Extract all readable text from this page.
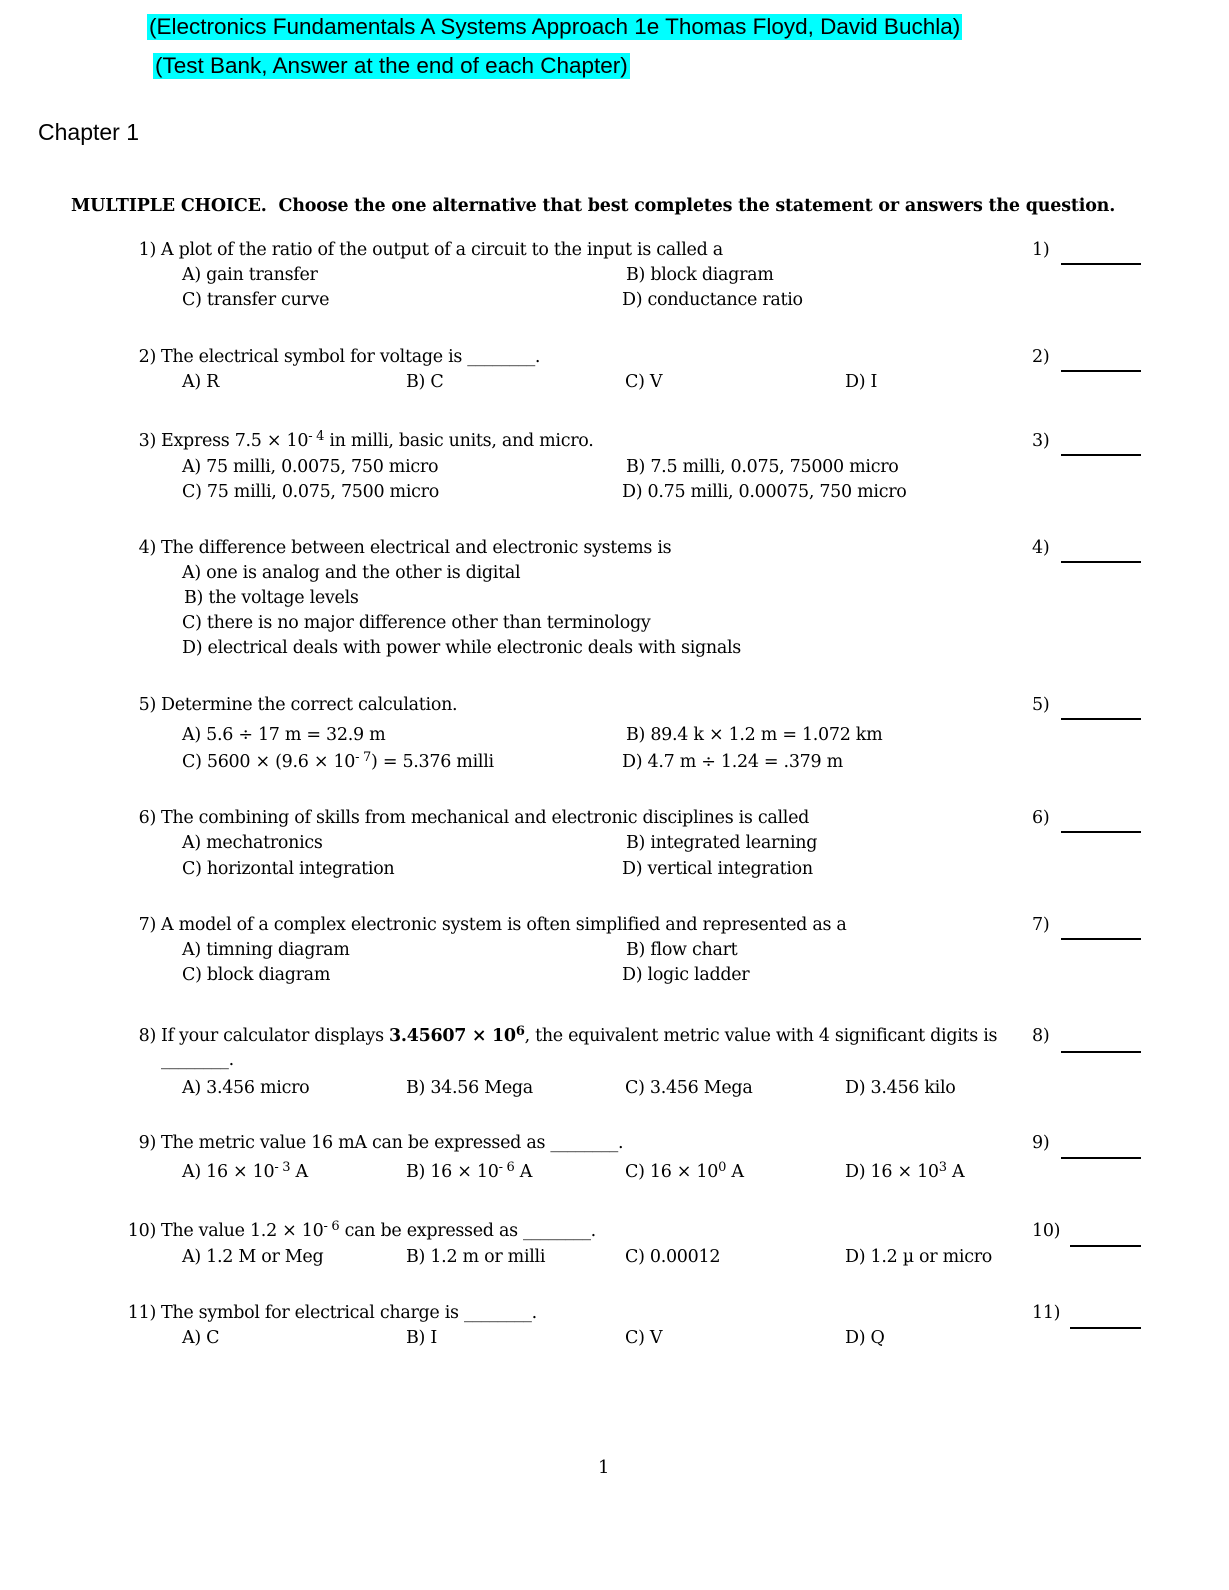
(Electronics Fundamentals A Systems Approach 1e Thomas Floyd, David Buchla)
(Test Bank, Answer at the end of each Chapter)
Chapter 1
MULTIPLE CHOICE. Choose the one alternative that best completes the statement or answers the question.
1) A plot of the ratio of the output of a circuit to the input is called a	1)
A) gain transfer	B) block diagram
C) transfer curve	D) conductance ratio
2) The electrical symbol for voltage is ________.	2)
A) R	B) C	C) V	D) I
3) Express $7.5 \times 10^{- 4}$ in milli, basic units, and micro.	3)
A) 75 milli, 0.0075, 750 micro	B) 7.5 milli, 0.075, 75000 micro
C) 75 milli, 0.075, 7500 micro	D) 0.75 milli, 0.00075, 750 micro
4) The difference between electrical and electronic systems is	4)
A) one is analog and the other is digital
B) the voltage levels
C) there is no major difference other than terminology
D) electrical deals with power while electronic deals with signals
5) Determine the correct calculation.	5)
A) 5.6 ÷ 17 m = 32.9 m	B) 89.4 k × 1.2 m = 1.072 km
C) $5600 \times (9.6 \times 10^{- 7}) = 5.376$ milli	D) 4.7 m ÷ 1.24 = .379 m
6) The combining of skills from mechanical and electronic disciplines is called	6)
A) mechatronics	B) integrated learning
C) horizontal integration	D) vertical integration
7) A model of a complex electronic system is often simplified and represented as a	7)
A) timning diagram	B) flow chart
C) block diagram	D) logic ladder
8) If your calculator displays $3.45607 \times 10^6$, the equivalent metric value with 4 significant digits is
________.
8)
A) 3.456 micro	B) 34.56 Mega	C) 3.456 Mega	D) 3.456 kilo
9) The metric value 16 mA can be expressed as ________.	9)
A) $16 \times 10^{- 3}$ A	B) $16 \times 10^{- 6}$ A	C) $16 \times 10^0$ A	D) $16 \times 10^3$ A
10) The value $1.2 \times 10^{- 6}$ can be expressed as ________.	10)
A) 1.2 M or Meg	B) 1.2 m or milli	C) 0.00012	D) 1.2 µ or micro
11) The symbol for electrical charge is ________.	11)
A) C	B) I	C) V	D) Q
1
